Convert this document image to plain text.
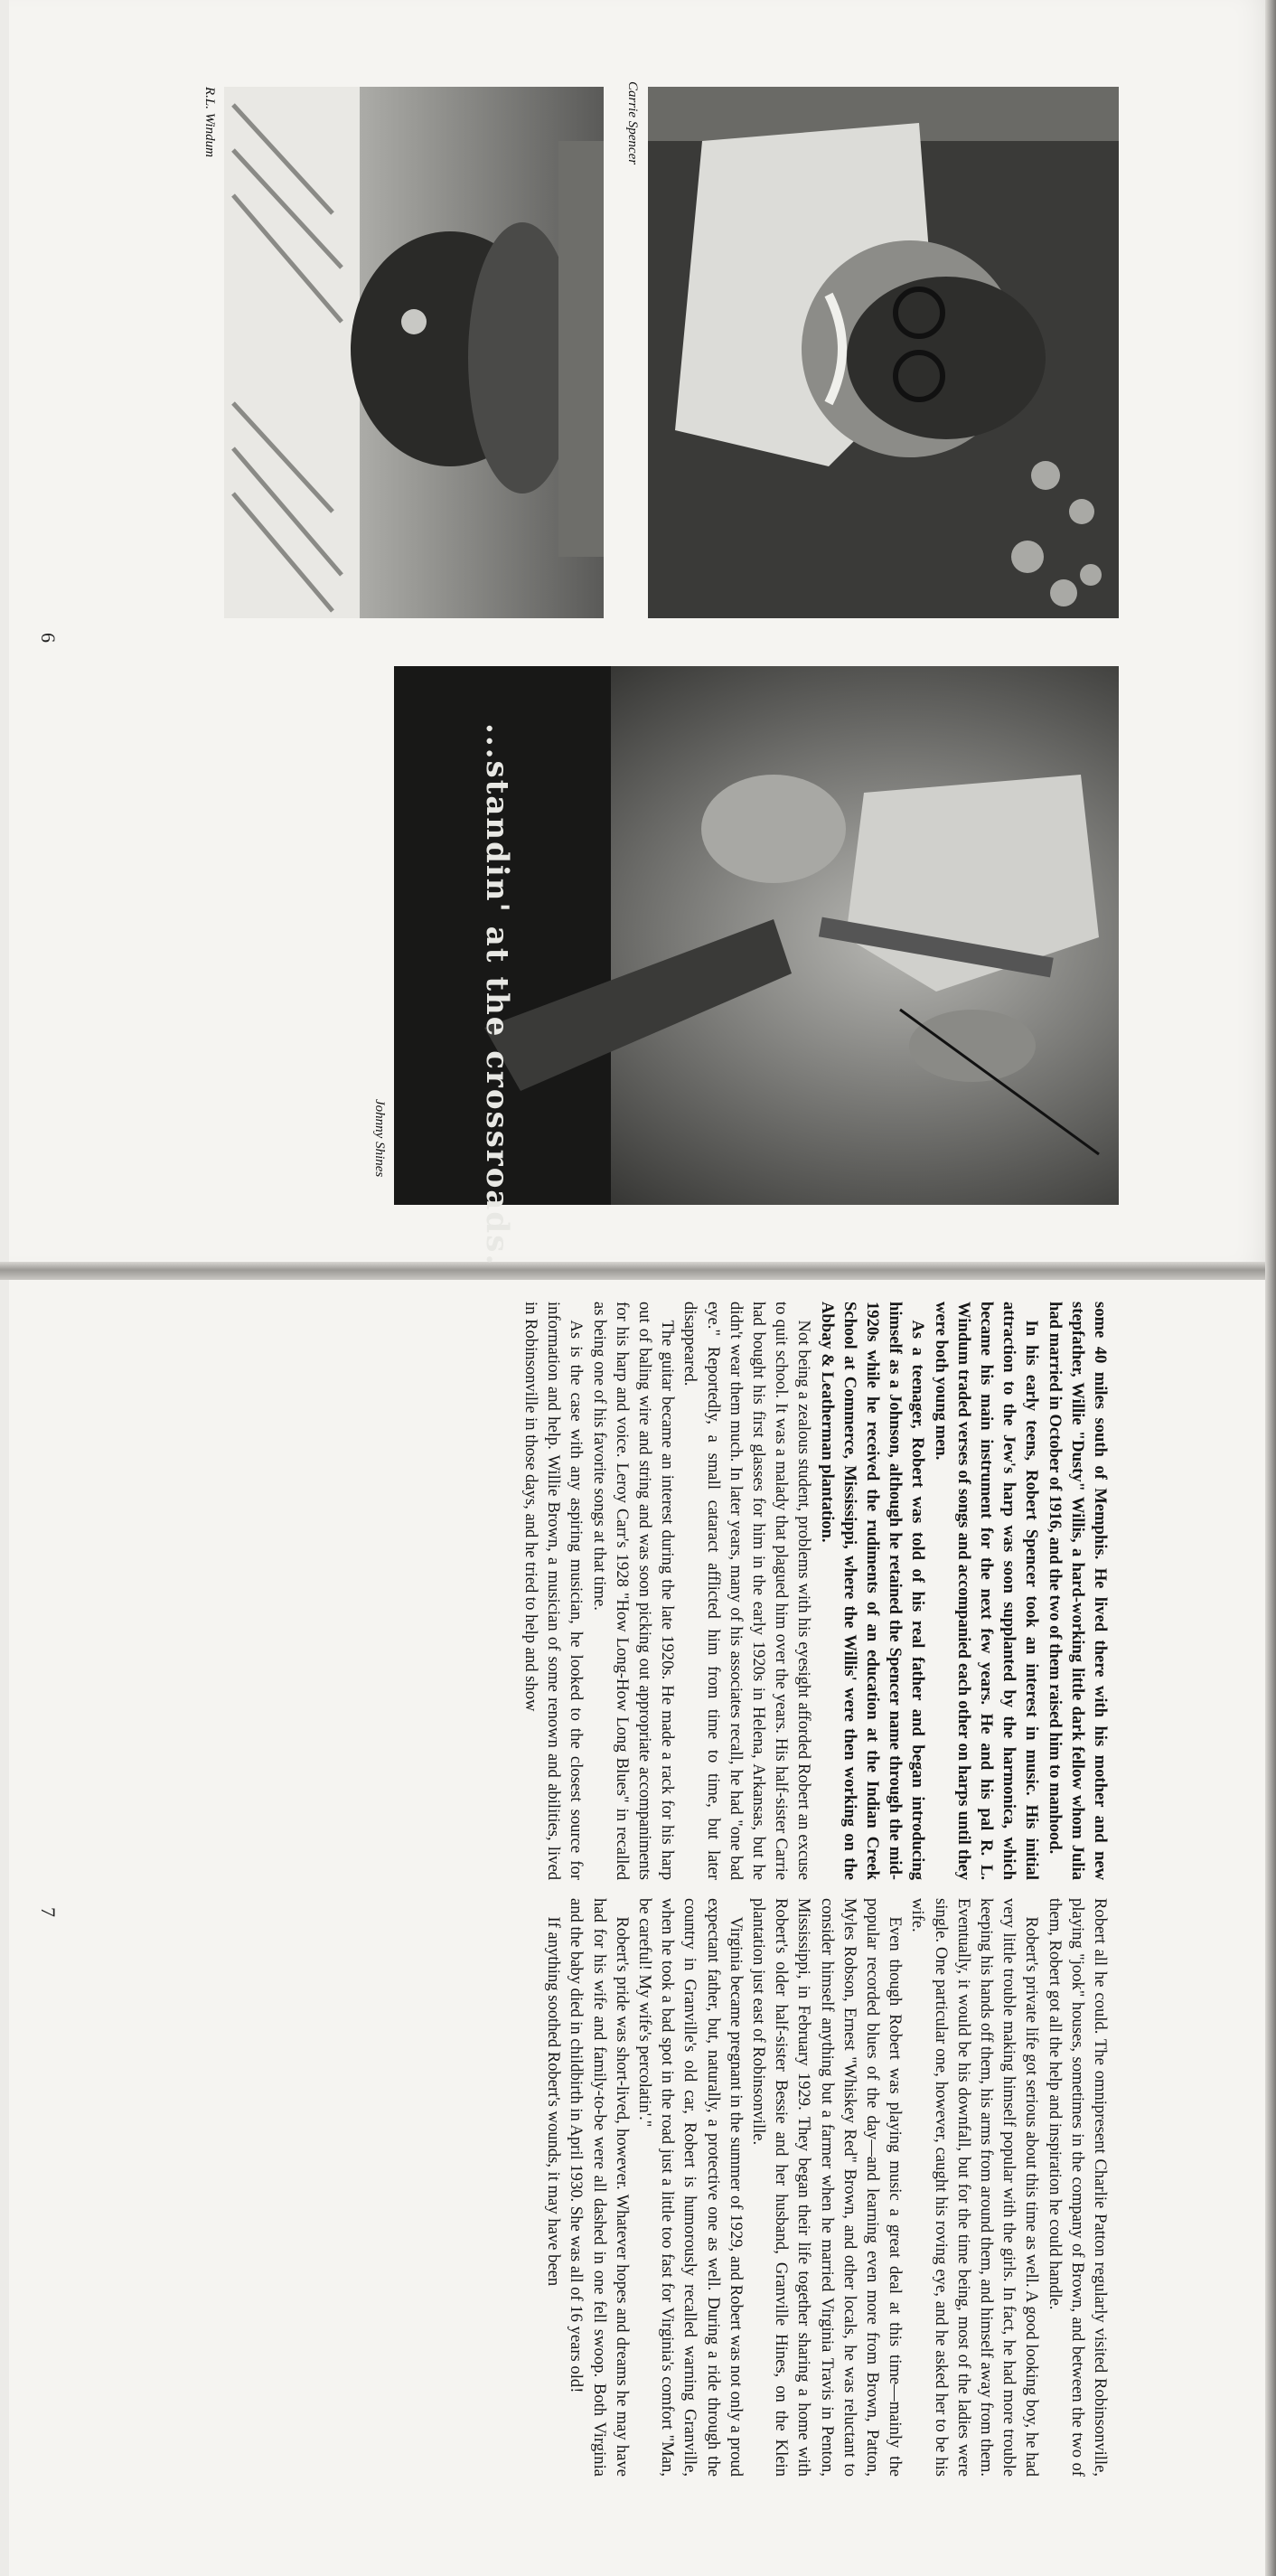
...standin' at the crossroads.
R.L. Windum	Carrie Spencer
Johnny Shines
6
7

some 40 miles south of Memphis. He lived there with his mother and new stepfather, Willie "Dusty" Willis, a hard-working little dark fellow whom Julia had married in October of 1916, and the two of them raised him to manhood.

In his early teens, Robert Spencer took an interest in music. His initial attraction to the Jew's harp was soon supplanted by the harmonica, which became his main instrument for the next few years. He and his pal R. L. Windum traded verses of songs and accompanied each other on harps until they were both young men.

As a teenager, Robert was told of his real father and began introducing himself as a Johnson, although he retained the Spencer name through the mid-1920s while he received the rudiments of an education at the Indian Creek School at Commerce, Mississippi, where the Willis' were then working on the Abbay & Leatherman plantation.

Not being a zealous student, problems with his eyesight afforded Robert an excuse to quit school. It was a malady that plagued him over the years. His half-sister Carrie had bought his first glasses for him in the early 1920s in Helena, Arkansas, but he didn't wear them much. In later years, many of his associates recall, he had "one bad eye." Reportedly, a small cataract afflicted him from time to time, but later disappeared.

The guitar became an interest during the late 1920s. He made a rack for his harp out of baling wire and string and was soon picking out appropriate accompaniments for his harp and voice. Leroy Carr's 1928 "How Long-How Long Blues" in recalled as being one of his favorite songs at that time.

As is the case with any aspiring musician, he looked to the closest source for information and help. Willie Brown, a musician of some renown and abilities, lived in Robinsonville in those days, and he tried to help and show

Robert all he could. The omnipresent Charlie Patton regularly visited Robinsonville, playing "jook" houses, sometimes in the company of Brown, and between the two of them, Robert got all the help and inspiration he could handle.

Robert's private life got serious about this time as well. A good looking boy, he had very little trouble making himself popular with the girls. In fact, he had more trouble keeping his hands off them, his arms from around them, and himself away from them. Eventually, it would be his downfall, but for the time being, most of the ladies were single. One particular one, however, caught his roving eye, and he asked her to be his wife.

Even though Robert was playing music a great deal at this time—mainly the popular recorded blues of the day—and learning even more from Brown, Patton, Myles Robson, Ernest "Whiskey Red" Brown, and other locals, he was reluctant to consider himself anything but a farmer when he married Virginia Travis in Penton, Mississippi, in February 1929. They began their life together sharing a home with Robert's older half-sister Bessie and her husband, Granville Hines, on the Klein plantation just east of Robinsonville.

Virginia became pregnant in the summer of 1929, and Robert was not only a proud expectant father, but, naturally, a protective one as well. During a ride through the country in Granville's old car, Robert is humorously recalled warning Granville, when he took a bad spot in the road just a little too fast for Virginia's comfort "Man, be careful! My wife's percolatin'."

Robert's pride was short-lived, however. Whatever hopes and dreams he may have had for his wife and family-to-be were all dashed in one fell swoop. Both Virginia and the baby died in childbirth in April 1930. She was all of 16 years old!

If anything soothed Robert's wounds, it may have been
